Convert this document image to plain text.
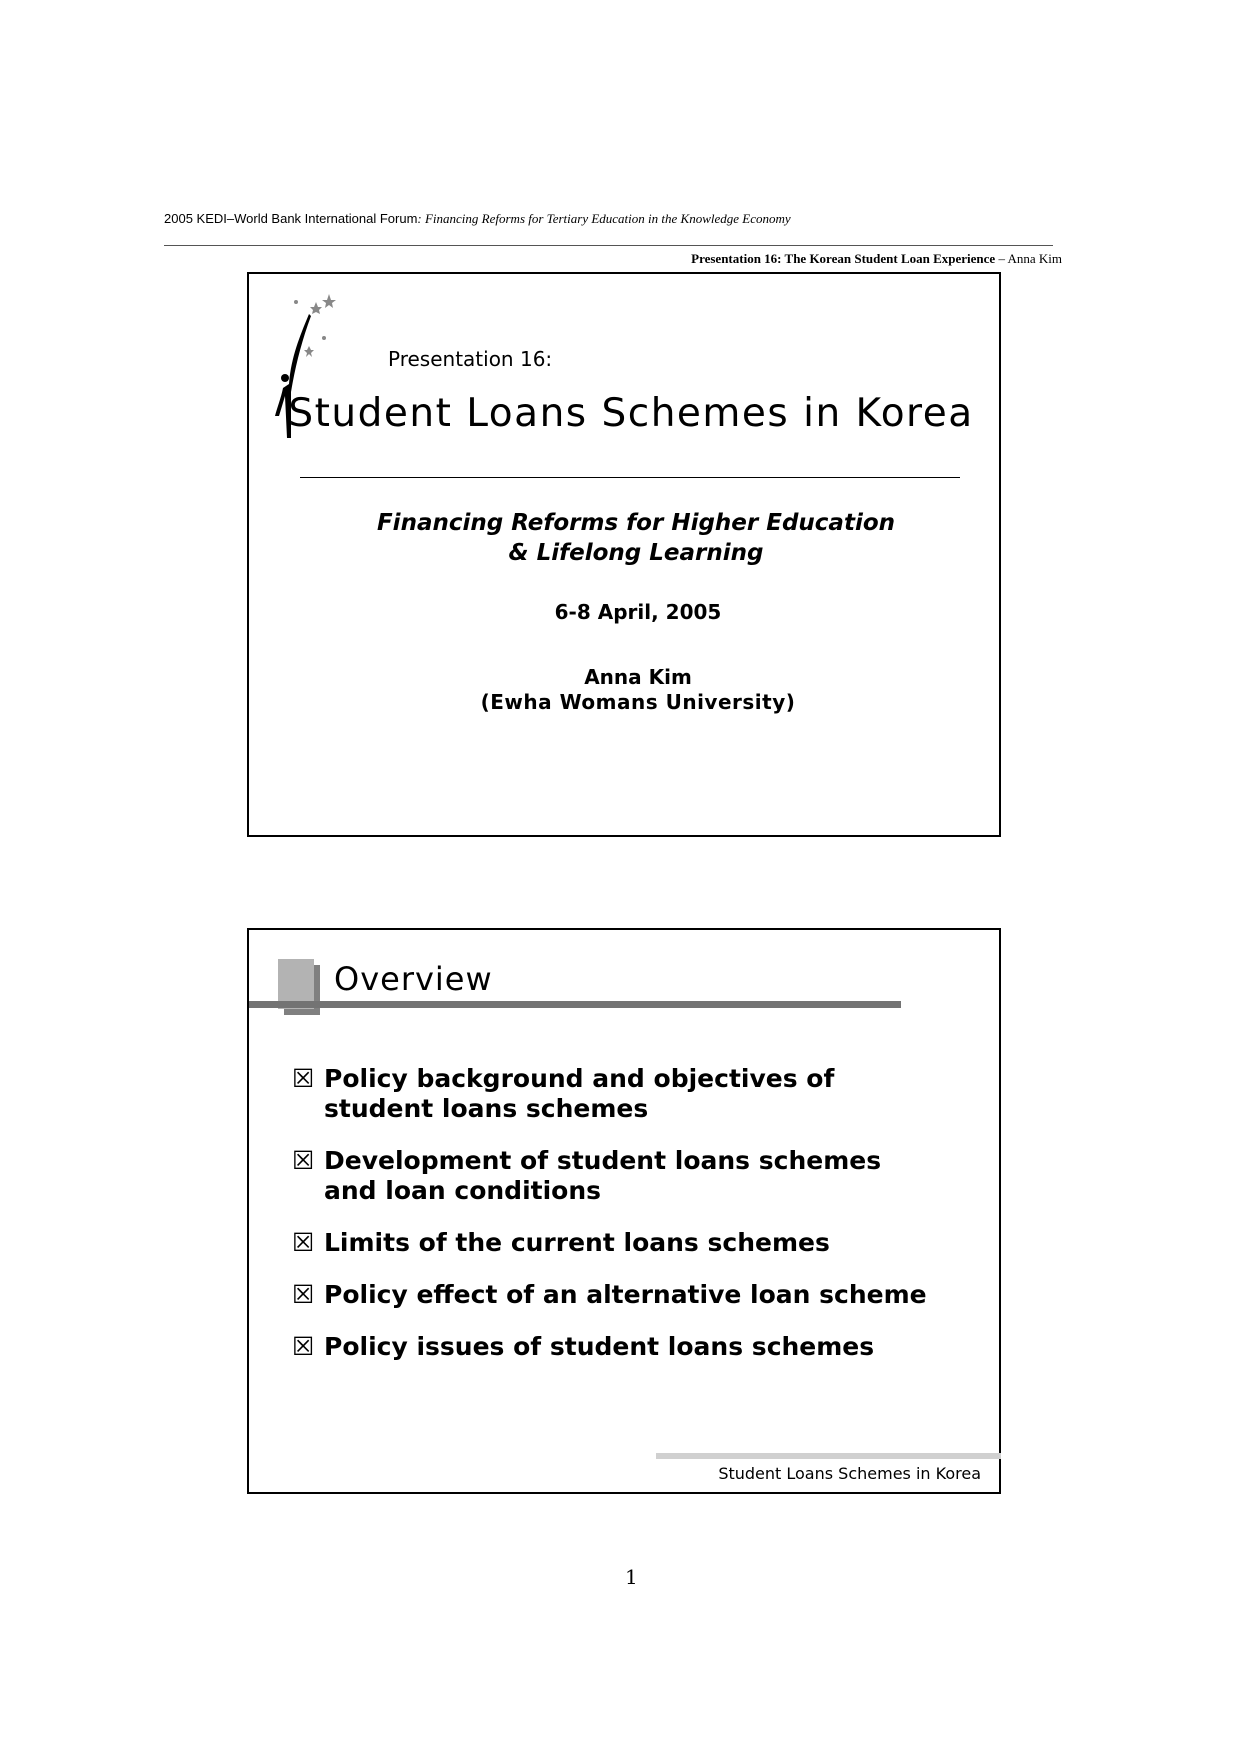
2005 KEDI–World Bank International Forum: Financing Reforms for Tertiary Education in the Knowledge Economy
Presentation 16: The Korean Student Loan Experience – Anna Kim
Presentation 16:
Student Loans Schemes in Korea
Financing Reforms for Higher Education
& Lifelong Learning
6-8 April, 2005
Anna Kim
(Ewha Womans University)
Overview
☒ Policy background and objectives of
student loans schemes
☒ Development of student loans schemes
and loan conditions
☒ Limits of the current loans schemes
☒ Policy effect of an alternative loan scheme
☒ Policy issues of student loans schemes
Student Loans Schemes in Korea
1
